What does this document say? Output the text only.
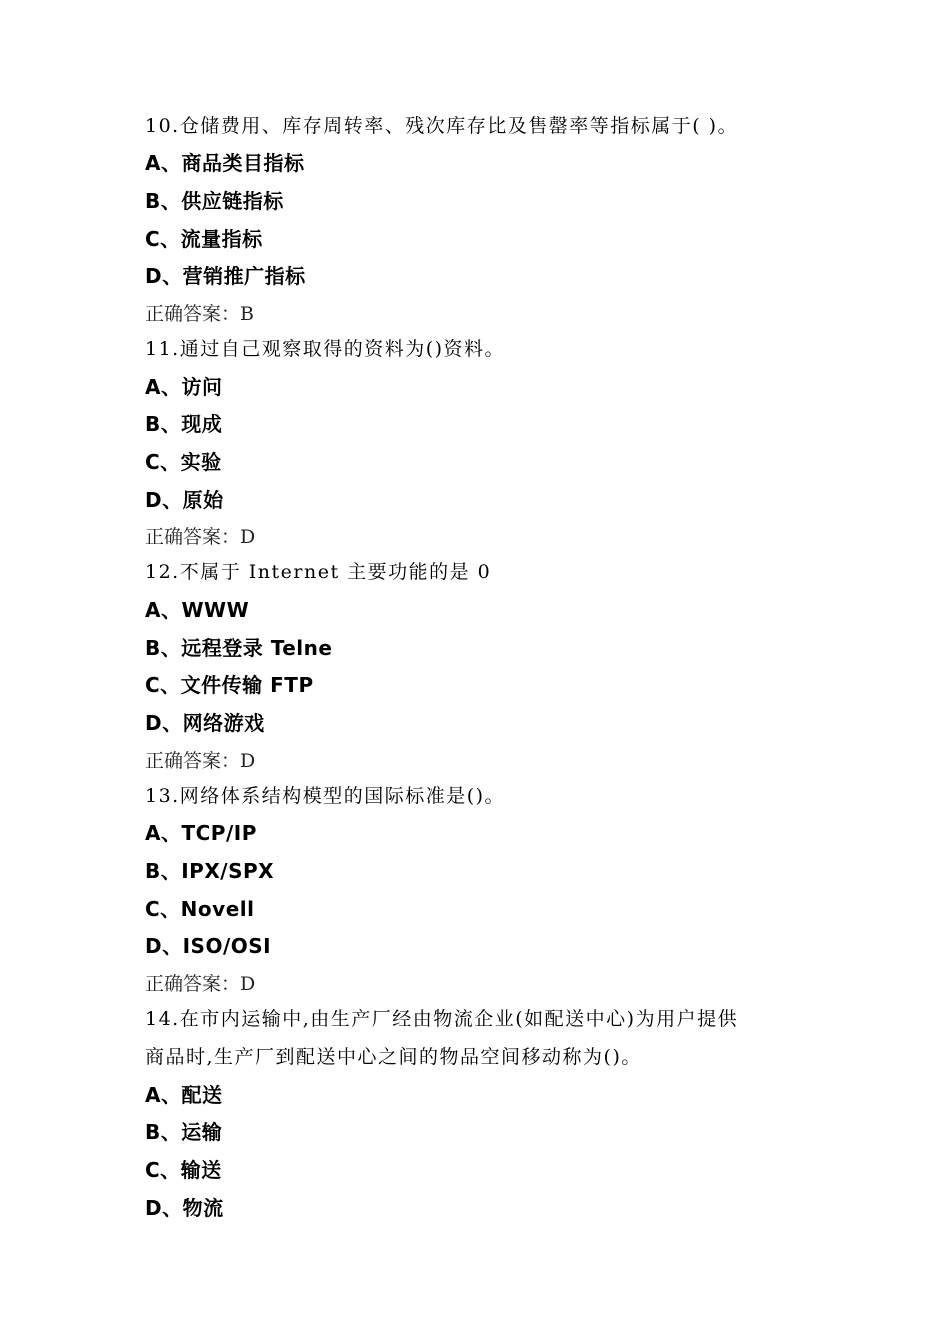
10.仓储费用、库存周转率、残次库存比及售罄率等指标属于( )。
A、商品类目指标
B、供应链指标
C、流量指标
D、营销推广指标
正确答案：B
11.通过自己观察取得的资料为()资料。
A、访问
B、现成
C、实验
D、原始
正确答案：D
12.不属于 Internet 主要功能的是 0
A、WWW
B、远程登录 Telne
C、文件传输 FTP
D、网络游戏
正确答案：D
13.网络体系结构模型的国际标准是()。
A、TCP/IP
B、IPX/SPX
C、Novell
D、ISO/OSI
正确答案：D
14.在市内运输中,由生产厂经由物流企业(如配送中心)为用户提供
商品时,生产厂到配送中心之间的物品空间移动称为()。
A、配送
B、运输
C、输送
D、物流
